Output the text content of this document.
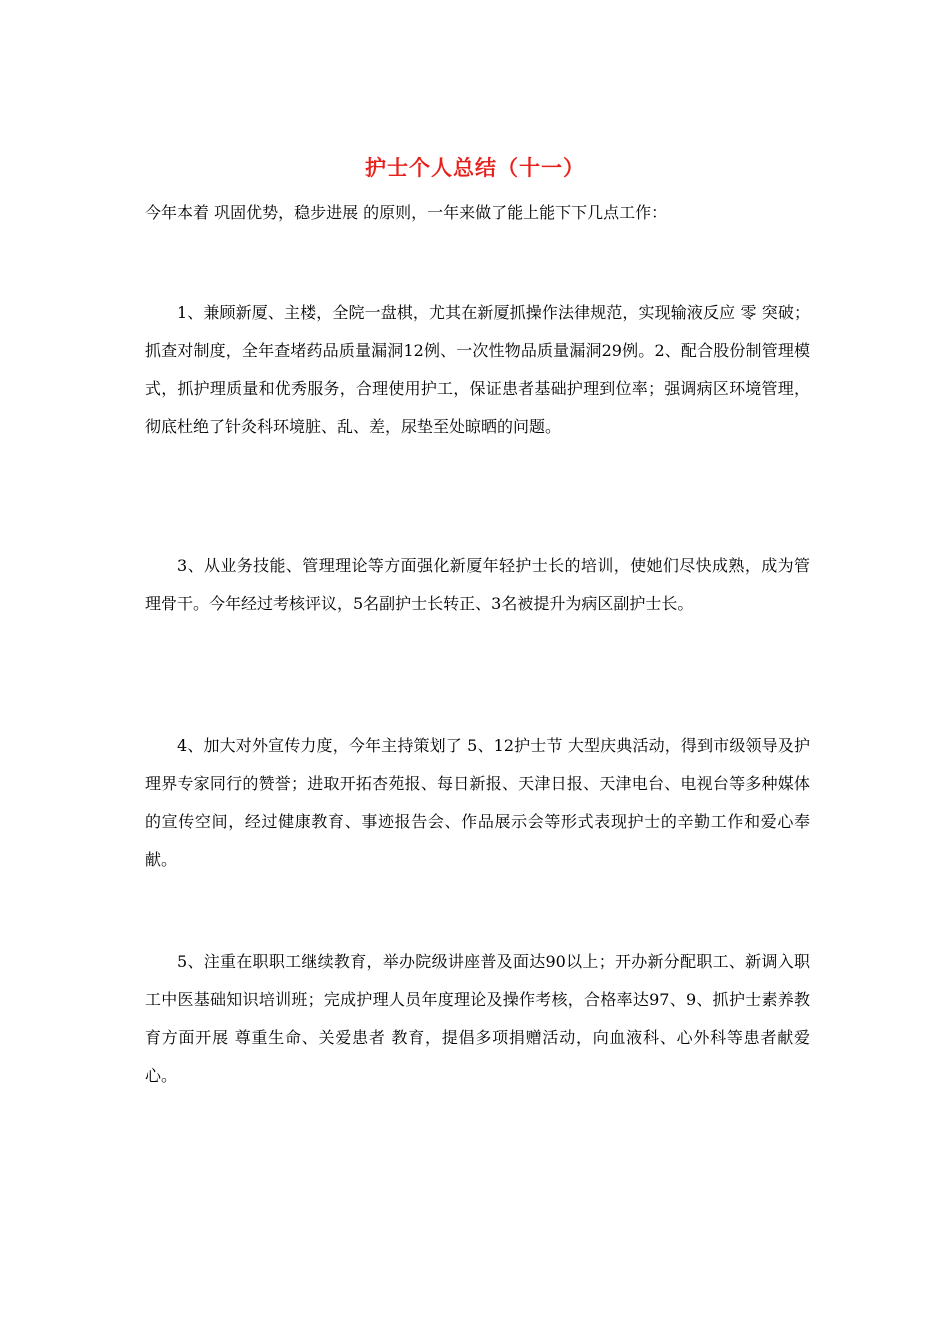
护士个人总结（十一）
今年本着 巩固优势，稳步进展 的原则，一年来做了能上能下下几点工作：

1、兼顾新厦、主楼，全院一盘棋，尤其在新厦抓操作法律规范，实现输液反应 零 突破；抓查对制度，全年查堵药品质量漏洞12例、一次性物品质量漏洞29例。2、配合股份制管理模式，抓护理质量和优秀服务，合理使用护工，保证患者基础护理到位率；强调病区环境管理，彻底杜绝了针灸科环境脏、乱、差，尿垫至处晾晒的问题。

3、从业务技能、管理理论等方面强化新厦年轻护士长的培训，使她们尽快成熟，成为管理骨干。今年经过考核评议，5名副护士长转正、3名被提升为病区副护士长。

4、加大对外宣传力度，今年主持策划了 5、12护士节 大型庆典活动，得到市级领导及护理界专家同行的赞誉；进取开拓杏苑报、每日新报、天津日报、天津电台、电视台等多种媒体的宣传空间，经过健康教育、事迹报告会、作品展示会等形式表现护士的辛勤工作和爱心奉献。

5、注重在职职工继续教育，举办院级讲座普及面达90以上；开办新分配职工、新调入职工中医基础知识培训班；完成护理人员年度理论及操作考核，合格率达97、9、抓护士素养教育方面开展 尊重生命、关爱患者 教育，提倡多项捐赠活动，向血液科、心外科等患者献爱心。
